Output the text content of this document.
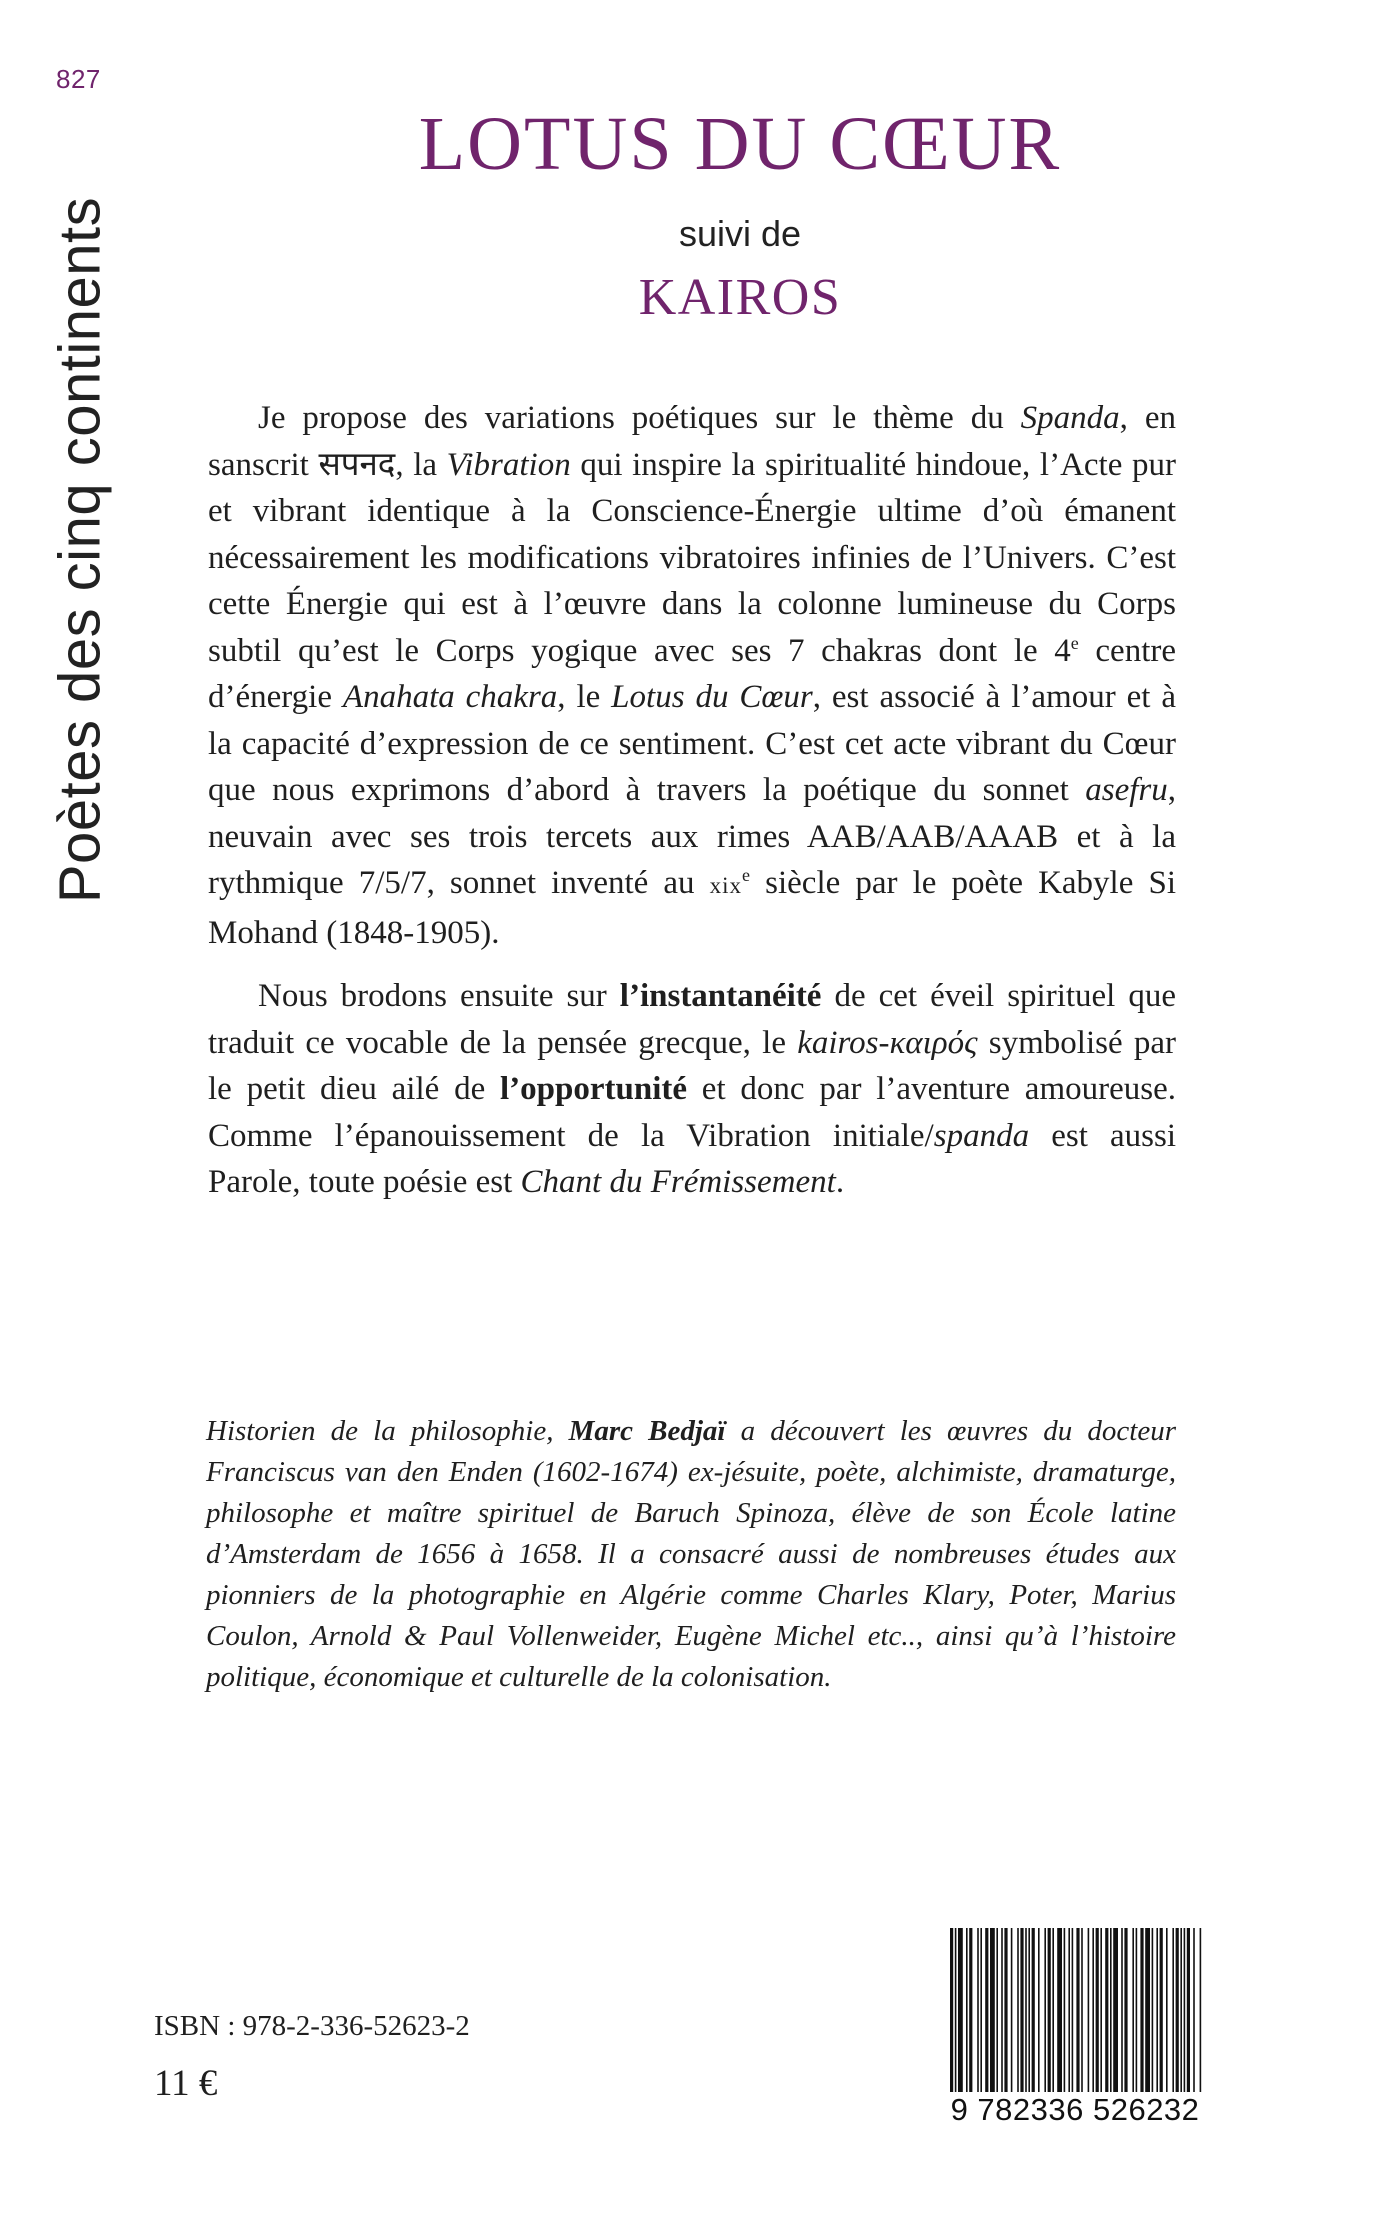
827
Poètes des cinq continents
LOTUS DU CŒUR
suivi de
KAIROS

Je propose des variations poétiques sur le thème du Spanda, en sanscrit सपनद, la Vibration qui inspire la spiritualité hindoue, l’Acte pur et vibrant identique à la Conscience-Énergie ultime d’où émanent nécessairement les modifications vibratoires infinies de l’Univers. C’est cette Énergie qui est à l’œuvre dans la colonne lumineuse du Corps subtil qu’est le Corps yogique avec ses 7 chakras dont le 4e centre d’énergie Anahata chakra, le Lotus du Cœur, est associé à l’amour et à la capacité d’expression de ce sentiment. C’est cet acte vibrant du Cœur que nous exprimons d’abord à travers la poétique du sonnet asefru, neuvain avec ses trois tercets aux rimes AAB/AAB/AAAB et à la rythmique 7/5/7, sonnet inventé au xix$^e$ siècle par le poète Kabyle Si Mohand (1848-1905).

Nous brodons ensuite sur l’instantanéité de cet éveil spirituel que traduit ce vocable de la pensée grecque, le kairos-καιρός symbolisé par le petit dieu ailé de l’opportunité et donc par l’aventure amoureuse. Comme l’épanouissement de la Vibration initiale/spanda est aussi Parole, toute poésie est Chant du Frémissement.

Historien de la philosophie, Marc Bedjaï a découvert les œuvres du docteur Franciscus van den Enden (1602-1674) ex-jésuite, poète, alchimiste, dramaturge, philosophe et maître spirituel de Baruch Spinoza, élève de son École latine d’Amsterdam de 1656 à 1658. Il a consacré aussi de nombreuses études aux pionniers de la photographie en Algérie comme Charles Klary, Poter, Marius Coulon, Arnold & Paul Vollenweider, Eugène Michel etc.., ainsi qu’à l’histoire politique, économique et culturelle de la colonisation.

ISBN : 978-2-336-52623-2
11 €
9 782336 526232
